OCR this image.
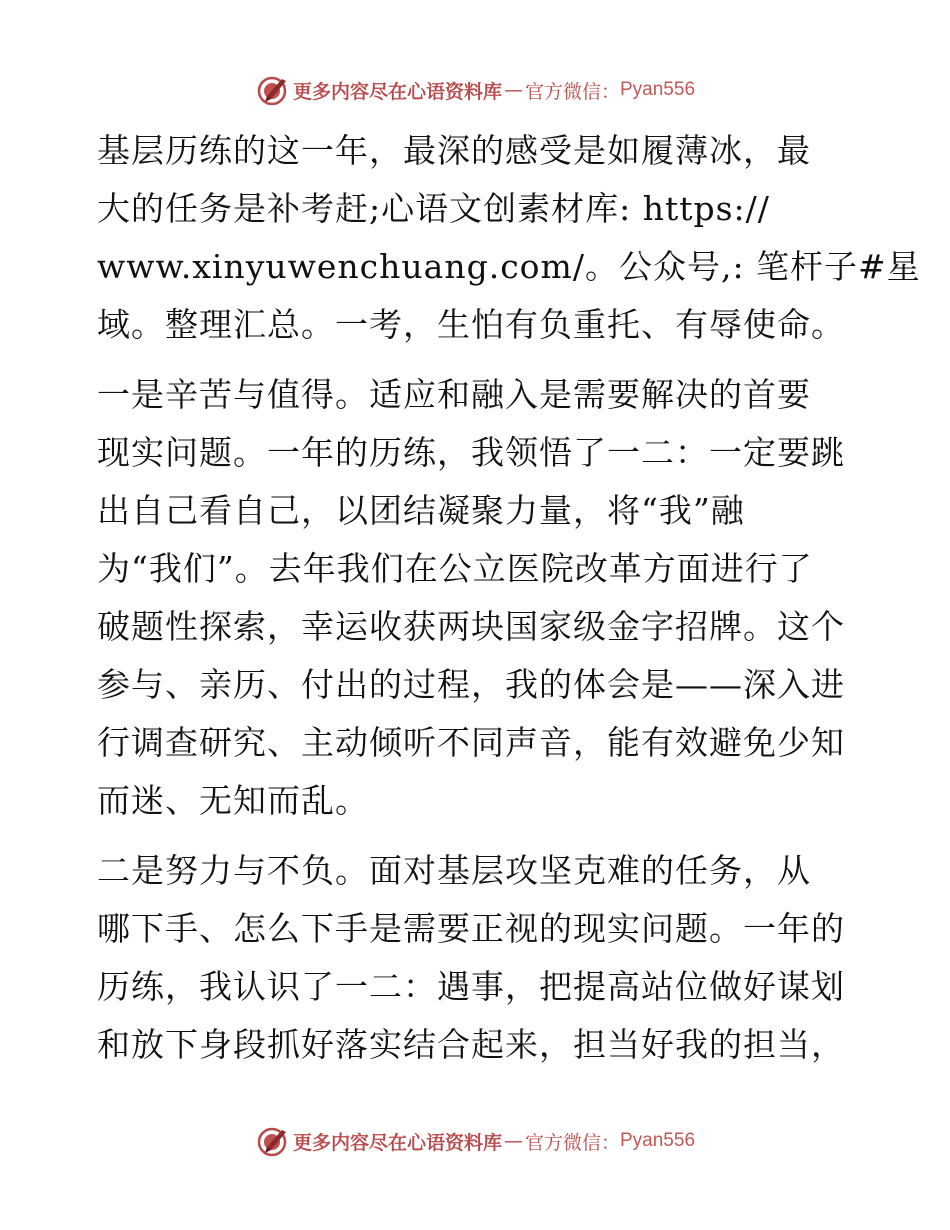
更多内容尽在心语资料库 — 官方微信： Pyan556

基层历练的这一年，最深的感受是如履薄冰，最
大的任务是补考赶;心语文创素材库: https://
www.xinyuwenchuang.com/。公众号,: 笔杆子#星
域。整理汇总。一考，生怕有负重托、有辱使命。

一是辛苦与值得。适应和融入是需要解决的首要
现实问题。一年的历练，我领悟了一二：一定要跳
出自己看自己，以团结凝聚力量，将“我”融
为“我们”。去年我们在公立医院改革方面进行了
破题性探索，幸运收获两块国家级金字招牌。这个
参与、亲历、付出的过程，我的体会是——深入进
行调查研究、主动倾听不同声音，能有效避免少知
而迷、无知而乱。

二是努力与不负。面对基层攻坚克难的任务，从
哪下手、怎么下手是需要正视的现实问题。一年的
历练，我认识了一二：遇事，把提高站位做好谋划
和放下身段抓好落实结合起来，担当好我的担当，

更多内容尽在心语资料库 — 官方微信： Pyan556
